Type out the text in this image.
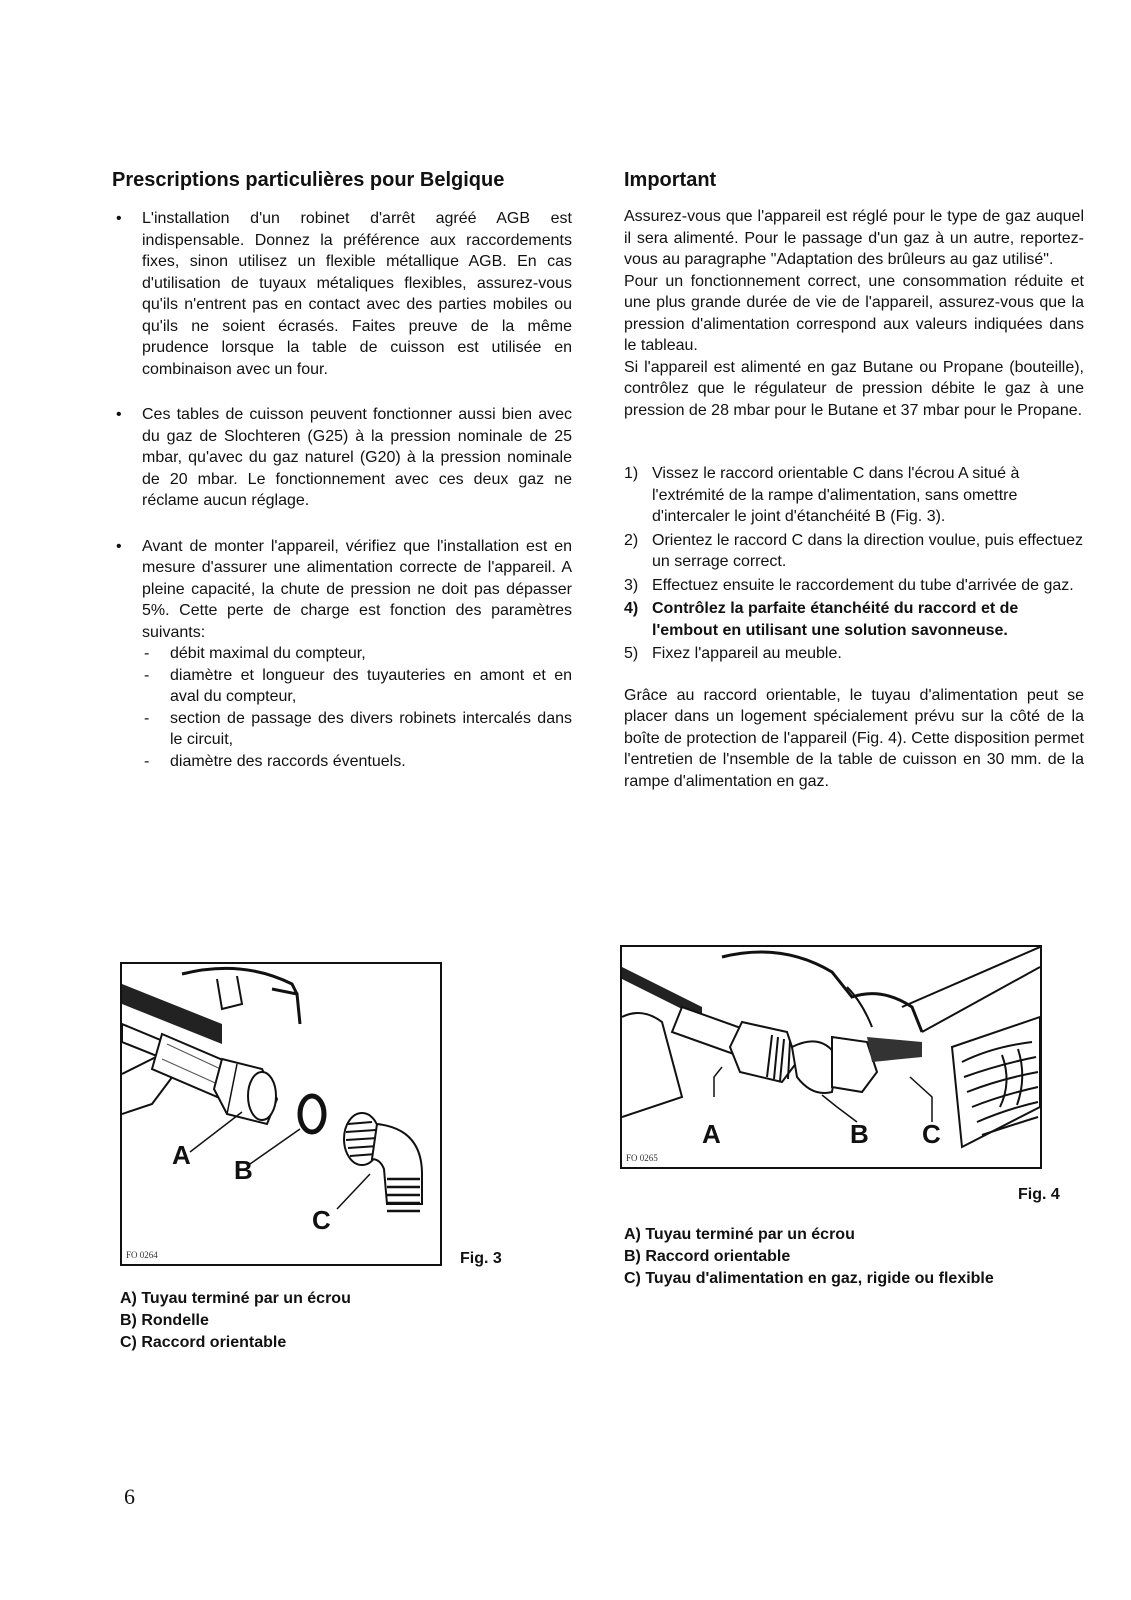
Prescriptions particulières pour Belgique
• L'installation d'un robinet d'arrêt agréé AGB est indispensable. Donnez la préférence aux raccordements fixes, sinon utilisez un flexible métallique AGB. En cas d'utilisation de tuyaux métaliques flexibles, assurez-vous qu'ils n'entrent pas en contact avec des parties mobiles ou qu'ils ne soient écrasés. Faites preuve de la même prudence lorsque la table de cuisson est utilisée en combinaison avec un four.
• Ces tables de cuisson peuvent fonctionner aussi bien avec du gaz de Slochteren (G25) à la pression nominale de 25 mbar, qu'avec du gaz naturel (G20) à la pression nominale de 20 mbar. Le fonctionnement avec ces deux gaz ne réclame aucun réglage.
• Avant de monter l'appareil, vérifiez que l'installation est en mesure d'assurer une alimentation correcte de l'appareil. A pleine capacité, la chute de pression ne doit pas dépasser 5%. Cette perte de charge est fonction des paramètres suivants:
- débit maximal du compteur,
- diamètre et longueur des tuyauteries en amont et en aval du compteur,
- section de passage des divers robinets intercalés dans le circuit,
- diamètre des raccords éventuels.
Important

Assurez-vous que l'appareil est réglé pour le type de gaz auquel il sera alimenté. Pour le passage d'un gaz à un autre, reportez-vous au paragraphe "Adaptation des brûleurs au gaz utilisé".

Pour un fonctionnement correct, une consommation réduite et une plus grande durée de vie de l'appareil, assurez-vous que la pression d'alimentation correspond aux valeurs indiquées dans le tableau.

Si l'appareil est alimenté en gaz Butane ou Propane (bouteille), contrôlez que le régulateur de pression débite le gaz à une pression de 28 mbar pour le Butane et 37 mbar pour le Propane.

1) Vissez le raccord orientable C dans l'écrou A situé à l'extrémité de la rampe d'alimentation, sans omettre d'intercaler le joint d'étanchéité B (Fig. 3).
2) Orientez le raccord C dans la direction voulue, puis effectuez un serrage correct.
3) Effectuez ensuite le raccordement du tube d'arrivée de gaz.
4) Contrôlez la parfaite étanchéité du raccord et de l'embout en utilisant une solution savonneuse.
5) Fixez l'appareil au meuble.

Grâce au raccord orientable, le tuyau d'alimentation peut se placer dans un logement spécialement prévu sur la côté de la boîte de protection de l'appareil (Fig. 4). Cette disposition permet l'entretien de l'nsemble de la table de cuisson en 30 mm. de la rampe d'alimentation en gaz.

A B
C
FO 0264	Fig. 3
A) Tuyau terminé par un écrou
B) Rondelle
C) Raccord orientable
A	B C
FO 0265
Fig. 4
A) Tuyau terminé par un écrou
B) Raccord orientable
C) Tuyau d'alimentation en gaz, rigide ou flexible
6
